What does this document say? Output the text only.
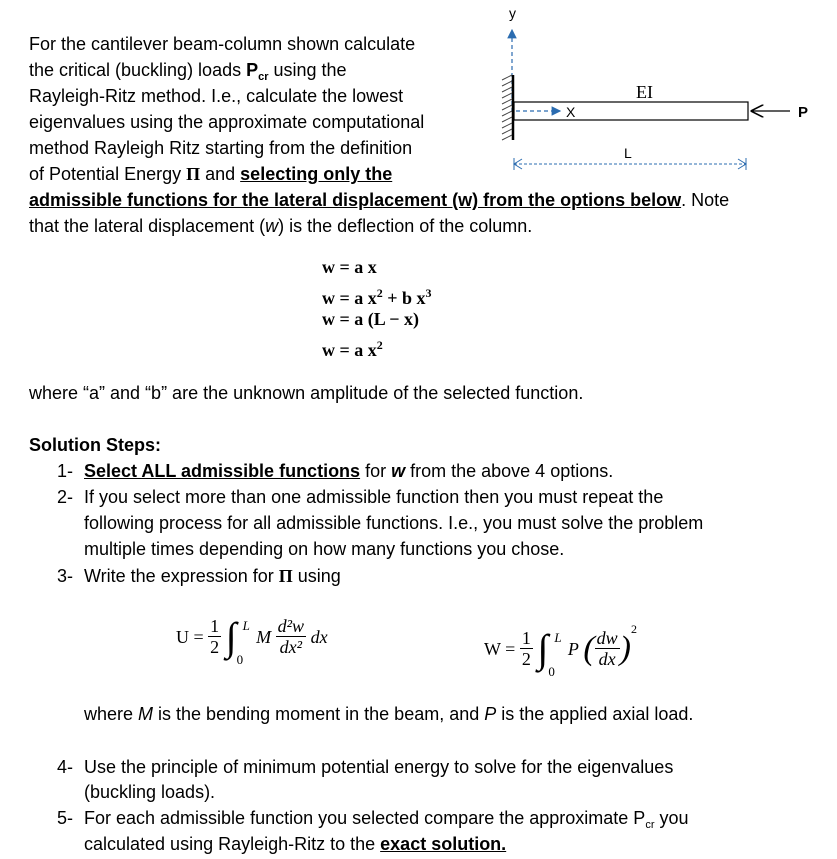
For the cantilever beam-column shown calculate
the critical (buckling) loads $P_{cr}$ using the
Rayleigh-Ritz method. I.e., calculate the lowest
eigenvalues using the approximate computational
method Rayleigh Ritz starting from the definition
of Potential Energy Π and selecting only the
admissible functions for the lateral displacement (w) from the options below. Note
that the lateral displacement (w) is the deflection of the column.
y
X
EI
P
L
w = a x
w = a $x^2 + b$ $x^3$
w = a (L − x)
w = a $x^2$
where “a” and “b” are the unknown amplitude of the selected function.
Solution Steps:
1- Select ALL admissible functions for w from the above 4 options.
2- If you select more than one admissible function then you must repeat the
following process for all admissible functions. I.e., you must solve the problem
multiple times depending on how many functions you chose.
3- Write the expression for Π using
$U = \frac{1}{2}$ ∫ L
0
M $\frac{\text{d²w}}{\text{dx²}}$ dx
$W = \frac{1}{2}$ ∫ L
0
P ( $\frac{dw}{dx} )^2$
where M is the bending moment in the beam, and P is the applied axial load.
4- Use the principle of minimum potential energy to solve for the eigenvalues
(buckling loads).
5- For each admissible function you selected compare the approximate $P_{cr}$ you
calculated using Rayleigh-Ritz to the exact solution.
